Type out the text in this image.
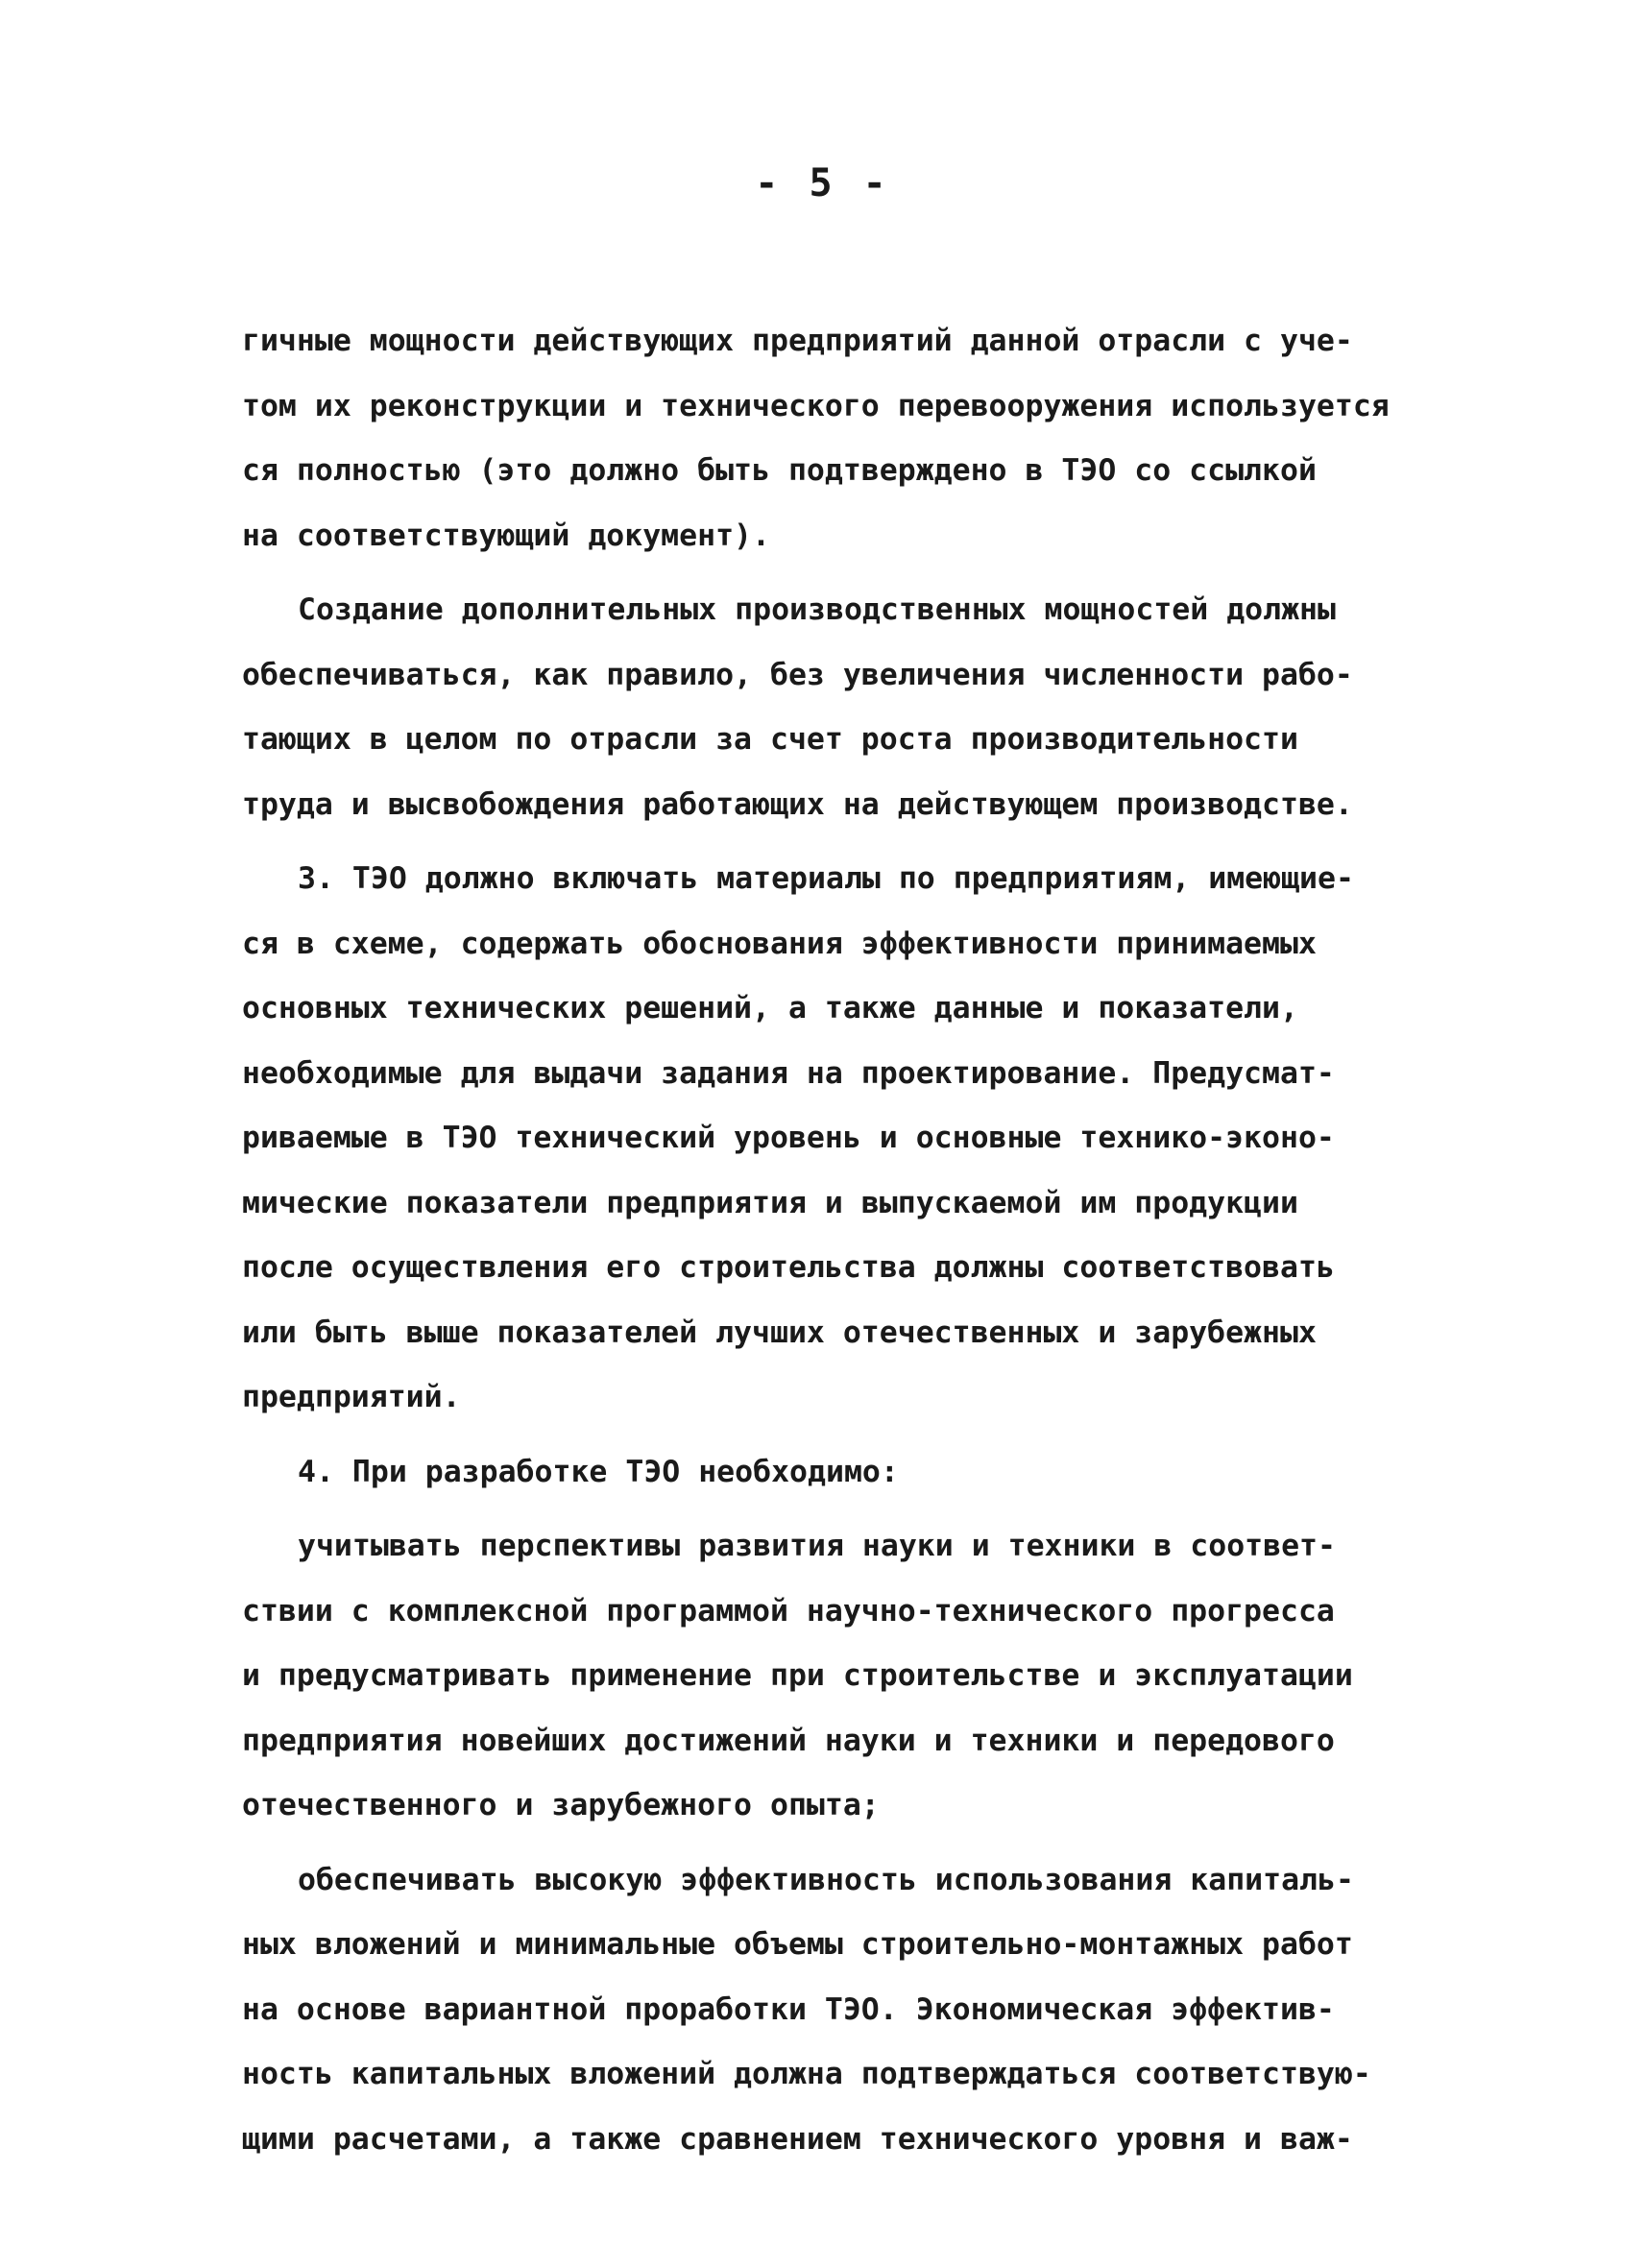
- 5 -
гичные мощности действующих предприятий данной отрасли с уче-
том их реконструкции и технического перевооружения используется
ся полностью (это должно быть подтверждено в ТЭО со ссылкой
на соответствующий документ).
Создание дополнительных производственных мощностей должны
обеспечиваться, как правило, без увеличения численности рабо-
тающих в целом по отрасли за счет роста производительности
труда и высвобождения работающих на действующем производстве.
3. ТЭО должно включать материалы по предприятиям, имеющие-
ся в схеме, содержать обоснования эффективности принимаемых
основных технических решений, а также данные и показатели,
необходимые для выдачи задания на проектирование. Предусмат-
риваемые в ТЭО технический уровень и основные технико-эконо-
мические показатели предприятия и выпускаемой им продукции
после осуществления его строительства должны соответствовать
или быть выше показателей лучших отечественных и зарубежных
предприятий.
4. При разработке ТЭО необходимо:
учитывать перспективы развития науки и техники в соответ-
ствии с комплексной программой научно-технического прогресса
и предусматривать применение при строительстве и эксплуатации
предприятия новейших достижений науки и техники и передового
отечественного и зарубежного опыта;
обеспечивать высокую эффективность использования капиталь-
ных вложений и минимальные объемы строительно-монтажных работ
на основе вариантной проработки ТЭО. Экономическая эффектив-
ность капитальных вложений должна подтверждаться соответствую-
щими расчетами, а также сравнением технического уровня и важ-
